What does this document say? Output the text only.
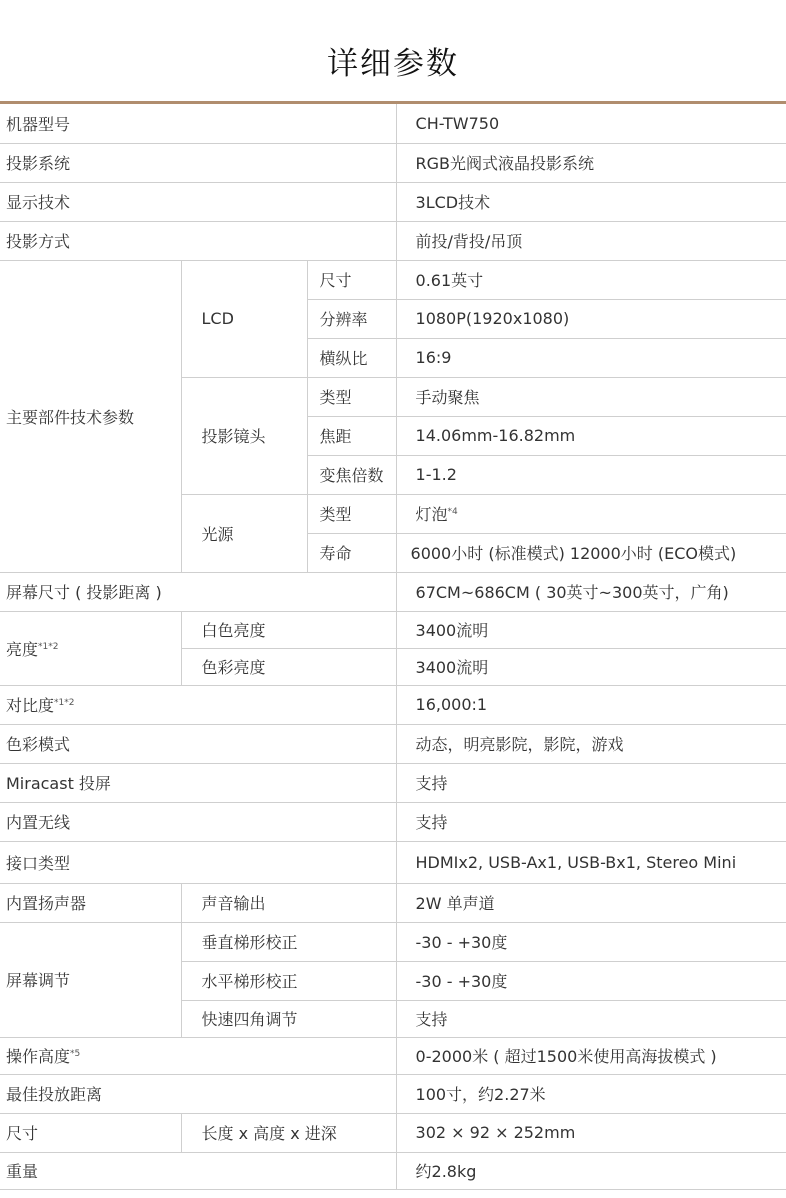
详细参数
机器型号			CH-TW750
投影系统			RGB光阀式液晶投影系统
显示技术			3LCD技术
投影方式			前投/背投/吊顶
主要部件技术参数	LCD	尺寸	0.61英寸
		分辨率	1080P(1920x1080)
		横纵比	16:9
	投影镜头	类型	手动聚焦
		焦距	14.06mm-16.82mm
		变焦倍数	1-1.2
	光源	类型	灯泡$^{*4}$
		寿命	6000小时 (标准模式) 12000小时 (ECO模式)
屏幕尺寸 ( 投影距离 )			67CM~686CM ( 30英寸~300英寸，广角)
亮度$^{*1*2}$	白色亮度		3400流明
	色彩亮度		3400流明
对比度$^{*1*2}$			16,000:1
色彩模式			动态，明亮影院，影院，游戏
Miracast 投屏			支持
内置无线			支持
接口类型			HDMIx2, USB-Ax1, USB-Bx1, Stereo Mini
内置扬声器	声音输出		2W 单声道
屏幕调节	垂直梯形校正		-30 - +30度
	水平梯形校正		-30 - +30度
	快速四角调节		支持
操作高度$^{*5}$			0-2000米 ( 超过1500米使用高海拔模式 )
最佳投放距离			100寸，约2.27米
尺寸	长度 x 高度 x 进深		302 × 92 × 252mm
重量			约2.8kg
